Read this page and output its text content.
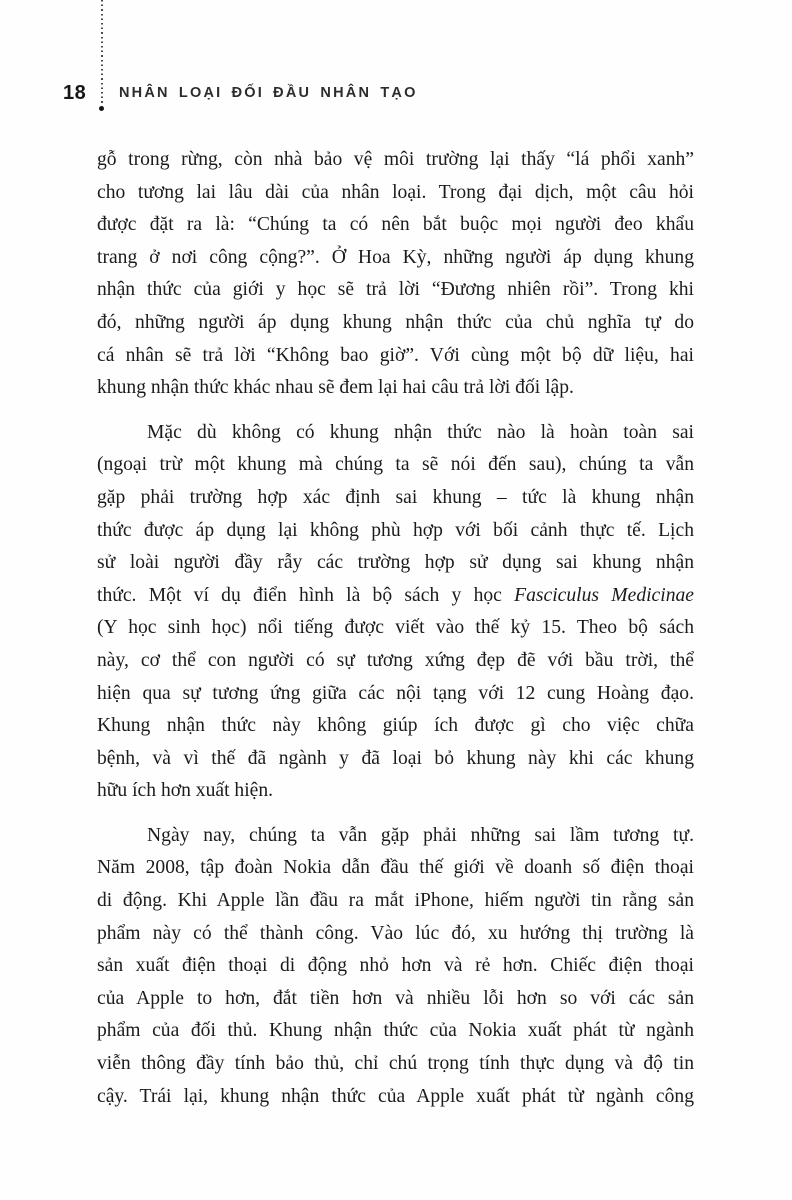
18 NHÂN LOẠI ĐỐI ĐẦU NHÂN TẠO
gỗ trong rừng, còn nhà bảo vệ môi trường lại thấy “lá phổi xanh”
cho tương lai lâu dài của nhân loại. Trong đại dịch, một câu hỏi
được đặt ra là: “Chúng ta có nên bắt buộc mọi người đeo khẩu
trang ở nơi công cộng?”. Ở Hoa Kỳ, những người áp dụng khung
nhận thức của giới y học sẽ trả lời “Đương nhiên rồi”. Trong khi
đó, những người áp dụng khung nhận thức của chủ nghĩa tự do
cá nhân sẽ trả lời “Không bao giờ”. Với cùng một bộ dữ liệu, hai
khung nhận thức khác nhau sẽ đem lại hai câu trả lời đối lập.
Mặc dù không có khung nhận thức nào là hoàn toàn sai
(ngoại trừ một khung mà chúng ta sẽ nói đến sau), chúng ta vẫn
gặp phải trường hợp xác định sai khung – tức là khung nhận
thức được áp dụng lại không phù hợp với bối cảnh thực tế. Lịch
sử loài người đầy rẫy các trường hợp sử dụng sai khung nhận
thức. Một ví dụ điển hình là bộ sách y học Fasciculus Medicinae
(Y học sinh học) nổi tiếng được viết vào thế kỷ 15. Theo bộ sách
này, cơ thể con người có sự tương xứng đẹp đẽ với bầu trời, thể
hiện qua sự tương ứng giữa các nội tạng với 12 cung Hoàng đạo.
Khung nhận thức này không giúp ích được gì cho việc chữa
bệnh, và vì thế đã ngành y đã loại bỏ khung này khi các khung
hữu ích hơn xuất hiện.
Ngày nay, chúng ta vẫn gặp phải những sai lầm tương tự.
Năm 2008, tập đoàn Nokia dẫn đầu thế giới về doanh số điện thoại
di động. Khi Apple lần đầu ra mắt iPhone, hiếm người tin rằng sản
phẩm này có thể thành công. Vào lúc đó, xu hướng thị trường là
sản xuất điện thoại di động nhỏ hơn và rẻ hơn. Chiếc điện thoại
của Apple to hơn, đắt tiền hơn và nhiều lỗi hơn so với các sản
phẩm của đối thủ. Khung nhận thức của Nokia xuất phát từ ngành
viễn thông đầy tính bảo thủ, chỉ chú trọng tính thực dụng và độ tin
cậy. Trái lại, khung nhận thức của Apple xuất phát từ ngành công
